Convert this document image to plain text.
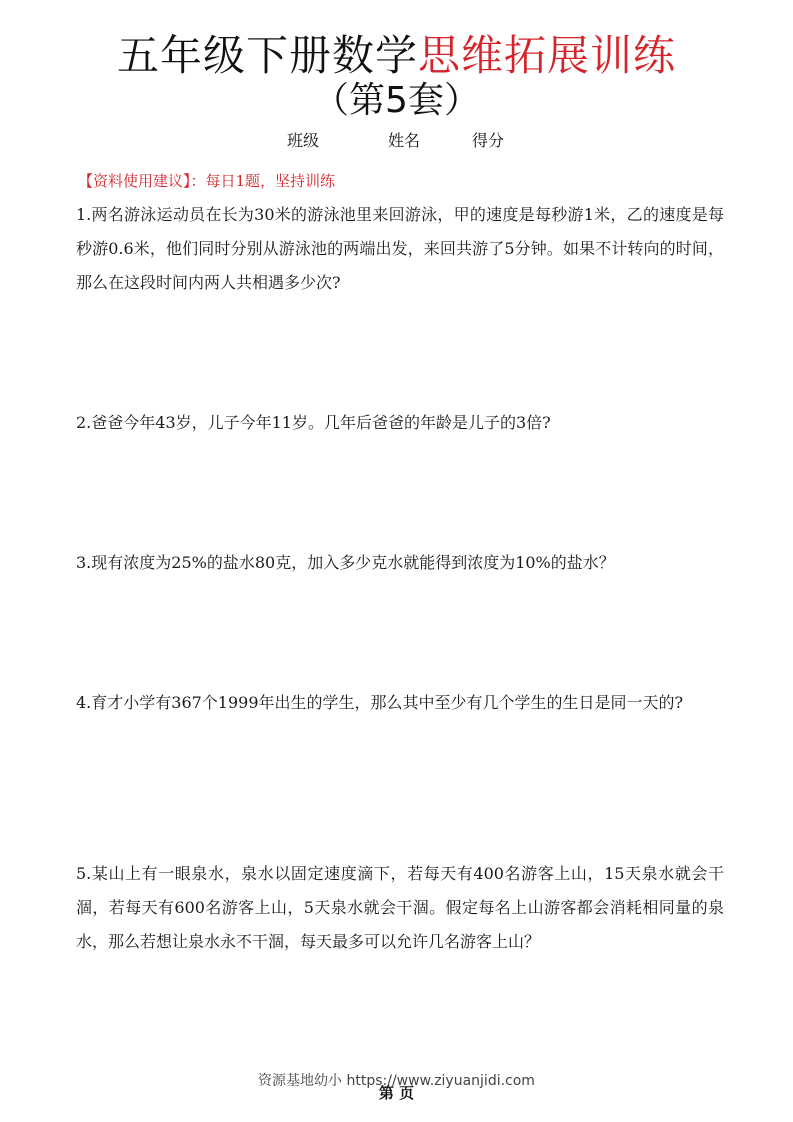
五年级下册数学思维拓展训练
（第5套）
班级	姓名	得分
【资料使用建议】：每日1题，坚持训练
1.两名游泳运动员在长为30米的游泳池里来回游泳，甲的速度是每秒游1米，乙的速度是每秒游0.6米，他们同时分别从游泳池的两端出发，来回共游了5分钟。如果不计转向的时间，那么在这段时间内两人共相遇多少次?
2.爸爸今年43岁，儿子今年11岁。几年后爸爸的年龄是儿子的3倍?
3.现有浓度为25%的盐水80克，加入多少克水就能得到浓度为10%的盐水？
4.育才小学有367个1999年出生的学生，那么其中至少有几个学生的生日是同一天的?
5.某山上有一眼泉水，泉水以固定速度滴下，若每天有400名游客上山，15天泉水就会干涸，若每天有600名游客上山，5天泉水就会干涸。假定每名上山游客都会消耗相同量的泉水，那么若想让泉水永不干涸，每天最多可以允许几名游客上山？
资源基地幼小 https://www.ziyuanjidi.com
第 页
